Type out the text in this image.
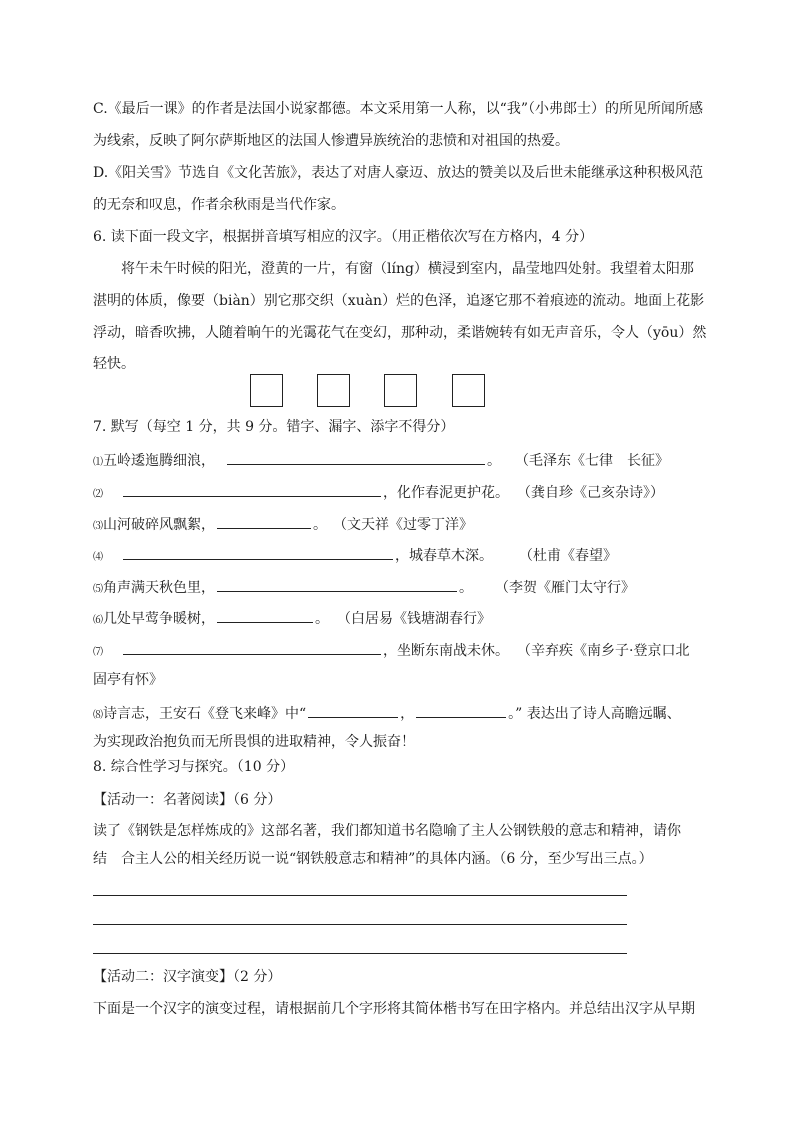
C.《最后一课》的作者是法国小说家都德。本文采用第一人称，以“我”（小弗郎士）的所见所闻所感
为线索，反映了阿尔萨斯地区的法国人惨遭异族统治的悲愤和对祖国的热爱。
D.《阳关雪》节选自《文化苦旅》，表达了对唐人豪迈、放达的赞美以及后世未能继承这种积极风范
的无奈和叹息，作者余秋雨是当代作家。
6. 读下面一段文字，根据拼音填写相应的汉字。（用正楷依次写在方格内，4 分）
将午未午时候的阳光，澄黄的一片，有窗（líng）横浸到室内，晶莹地四处射。我望着太阳那
湛明的体质，像要（biàn）别它那交织（xuàn）烂的色泽，追逐它那不着痕迹的流动。地面上花影
浮动，暗香吹拂，人随着晌午的光霭花气在变幻，那种动，柔谐婉转有如无声音乐，令人（yōu）然
轻快。
7. 默写（每空 1 分，共 9 分。错字、漏字、添字不得分）
⑴五岭逶迤腾细浪，	。 （毛泽东《七律　长征》
⑵	，化作春泥更护花。 （龚自珍《己亥杂诗》）
⑶山河破碎风飘絮，	。 （文天祥《过零丁洋》
⑷	，城春草木深。 （杜甫《春望》
⑸角声满天秋色里，	。 （李贺《雁门太守行》
⑹几处早莺争暖树，	。 （白居易《钱塘湖春行》
⑺	，坐断东南战未休。 （辛弃疾《南乡子·登京口北
固亭有怀》
⑻诗言志，王安石《登飞来峰》中“	，	。” 表达出了诗人高瞻远瞩、
为实现政治抱负而无所畏惧的进取精神，令人振奋！
8. 综合性学习与探究。（10 分）
【活动一：名著阅读】（6 分）
读了《钢铁是怎样炼成的》这部名著，我们都知道书名隐喻了主人公钢铁般的意志和精神，请你
结 合主人公的相关经历说一说“钢铁般意志和精神”的具体内涵。（6 分，至少写出三点。）
【活动二：汉字演变】（2 分）
下面是一个汉字的演变过程，请根据前几个字形将其简体楷书写在田字格内。并总结出汉字从早期
